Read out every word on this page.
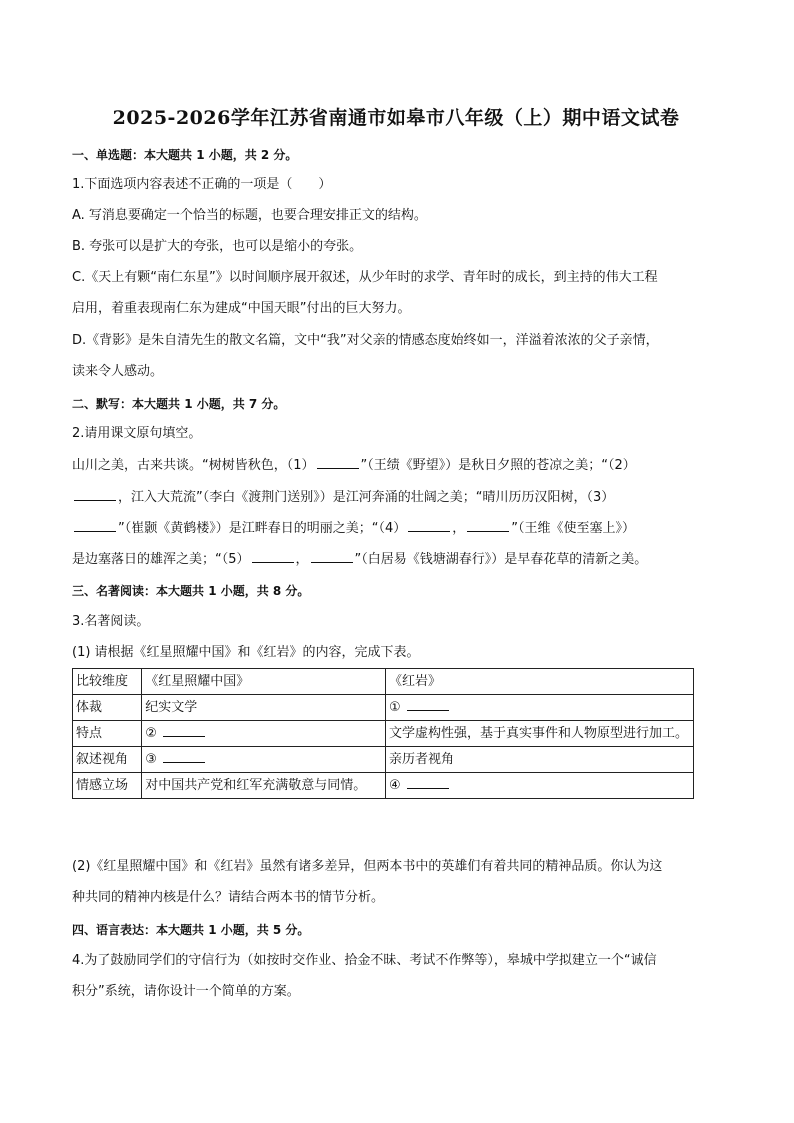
2025-2026学年江苏省南通市如皋市八年级（上）期中语文试卷
一、单选题：本大题共 1 小题，共 2 分。
1.下面选项内容表述不正确的一项是（　　）
A. 写消息要确定一个恰当的标题，也要合理安排正文的结构。
B. 夸张可以是扩大的夸张，也可以是缩小的夸张。
C.《天上有颗“南仁东星”》以时间顺序展开叙述，从少年时的求学、青年时的成长，到主持的伟大工程
启用，着重表现南仁东为建成“中国天眼”付出的巨大努力。
D.《背影》是朱自清先生的散文名篇，文中“我”对父亲的情感态度始终如一，洋溢着浓浓的父子亲情，
读来令人感动。
二、默写：本大题共 1 小题，共 7 分。
2.请用课文原句填空。
山川之美，古来共谈。“树树皆秋色，（1）	”（王绩《野望》）是秋日夕照的苍凉之美；“（2）
，江入大荒流”（李白《渡荆门送别》）是江河奔涌的壮阔之美；“晴川历历汉阳树，（3）
”（崔颢《黄鹤楼》）是江畔春日的明丽之美；“（4）	，	”（王维《使至塞上》）
是边塞落日的雄浑之美；“（5）	，	”（白居易《钱塘湖春行》）是早春花草的清新之美。
三、名著阅读：本大题共 1 小题，共 8 分。
3.名著阅读。
(1) 请根据《红星照耀中国》和《红岩》的内容，完成下表。
比较维度	《红星照耀中国》	《红岩》
体裁	纪实文学	①
特点	②	文学虚构性强，基于真实事件和人物原型进行加工。
叙述视角	③	亲历者视角
情感立场	对中国共产党和红军充满敬意与同情。	④
(2)《红星照耀中国》和《红岩》虽然有诸多差异，但两本书中的英雄们有着共同的精神品质。你认为这
种共同的精神内核是什么？请结合两本书的情节分析。
四、语言表达：本大题共 1 小题，共 5 分。
4.为了鼓励同学们的守信行为（如按时交作业、拾金不昧、考试不作弊等），皋城中学拟建立一个“诚信
积分”系统，请你设计一个简单的方案。
